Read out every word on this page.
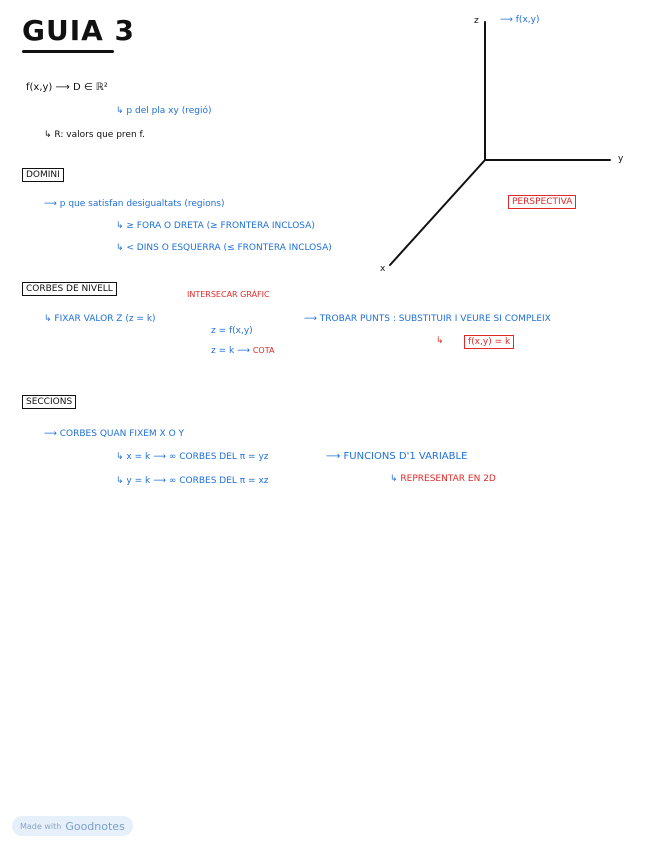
GUIA 3
f(x,y) ⟶ D ∈ ℝ²
↳ p del pla xy (regió)
↳ R: valors que pren f.
DOMINI
⟶ p que satisfan desigualtats (regions)
↳ ≥ FORA O DRETA (≥ FRONTERA INCLOSA)
↳ < DINS O ESQUERRA (≤ FRONTERA INCLOSA)
CORBES DE NIVELL
INTERSECAR GRÀFIC
↳ FIXAR VALOR Z (z = k)
z = f(x,y)
z = k ⟶ COTA
⟶ TROBAR PUNTS : SUBSTITUIR I VEURE SI COMPLEIX
↳	f(x,y) = k
SECCIONS
⟶ CORBES QUAN FIXEM X O Y
↳ x = k ⟶ ∞ CORBES DEL π = yz
↳ y = k ⟶ ∞ CORBES DEL π = xz
⟶ FUNCIONS D'1 VARIABLE
↳ REPRESENTAR EN 2D
z ⟶ f(x,y)
y
x
PERSPECTIVA
Made with Goodnotes
